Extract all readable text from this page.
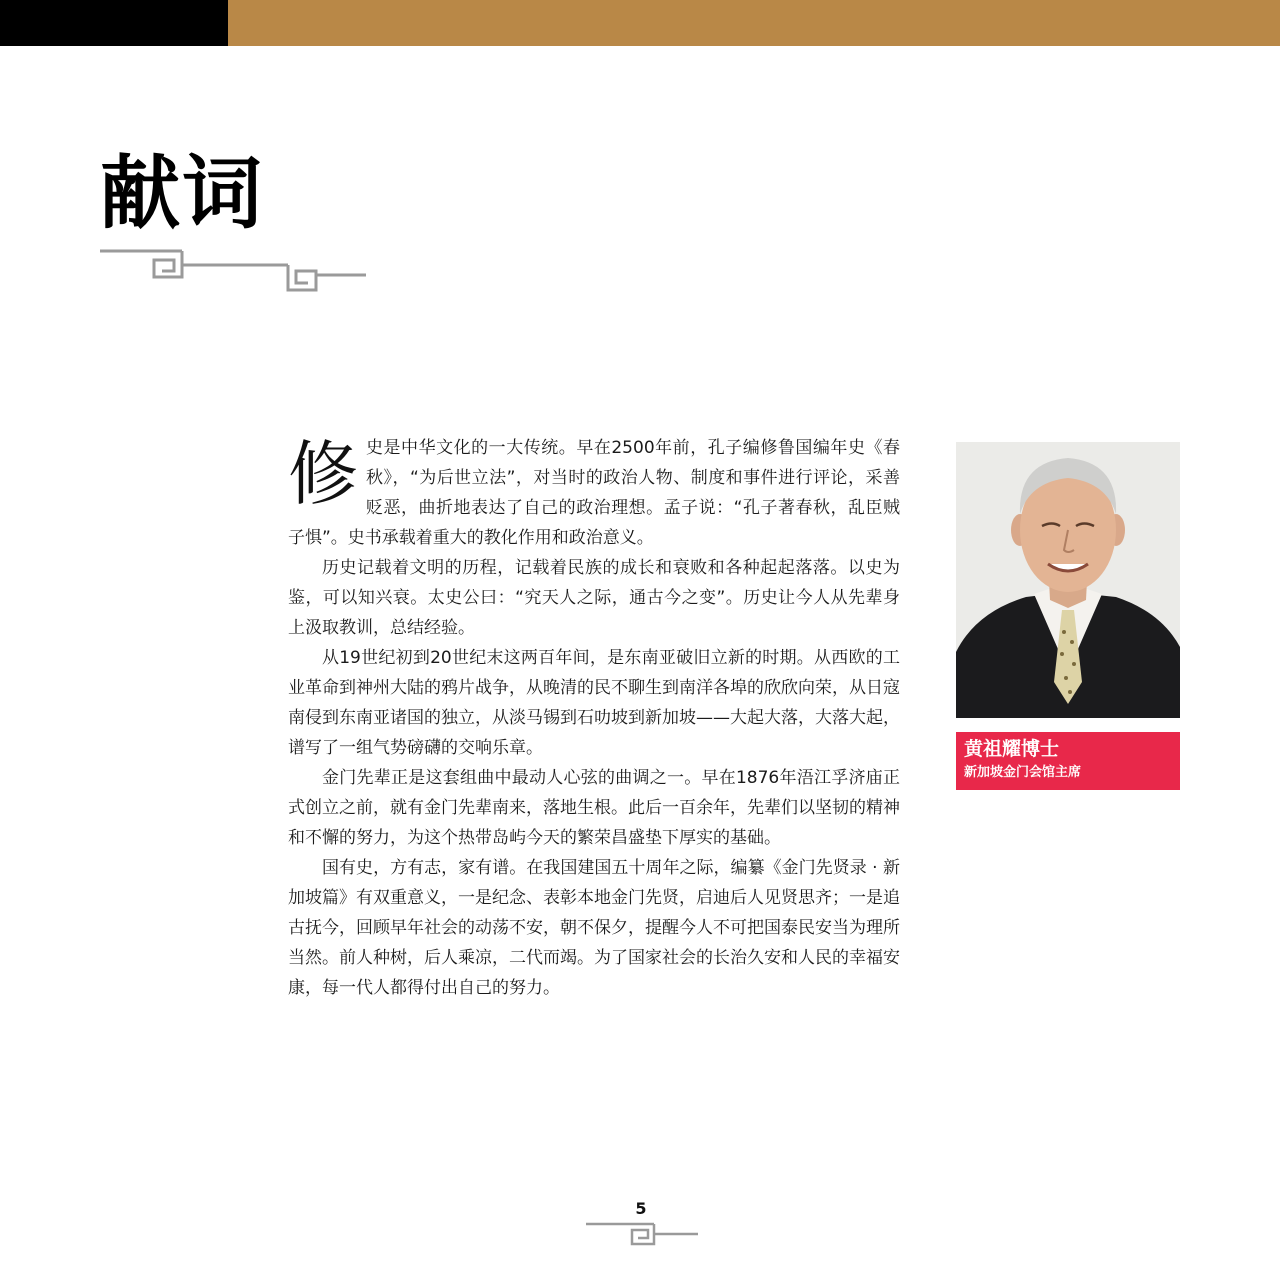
献词

修史是中华文化的一大传统。早在2500年前，孔子编修鲁国编年史《春秋》，“为后世立法”，对当时的政治人物、制度和事件进行评论，采善贬恶，曲折地表达了自己的政治理想。孟子说：“孔子著春秋，乱臣贼子惧”。史书承载着重大的教化作用和政治意义。

历史记载着文明的历程，记载着民族的成长和衰败和各种起起落落。以史为鉴，可以知兴衰。太史公曰：“究天人之际，通古今之变”。历史让今人从先辈身上汲取教训，总结经验。

从19世纪初到20世纪末这两百年间，是东南亚破旧立新的时期。从西欧的工业革命到神州大陆的鸦片战争，从晚清的民不聊生到南洋各埠的欣欣向荣，从日寇南侵到东南亚诸国的独立，从淡马锡到石叻坡到新加坡——大起大落，大落大起，谱写了一组气势磅礴的交响乐章。

金门先辈正是这套组曲中最动人心弦的曲调之一。早在1876年浯江孚济庙正式创立之前，就有金门先辈南来，落地生根。此后一百余年，先辈们以坚韧的精神和不懈的努力，为这个热带岛屿今天的繁荣昌盛垫下厚实的基础。

国有史，方有志，家有谱。在我国建国五十周年之际，编纂《金门先贤录 · 新加坡篇》有双重意义，一是纪念、表彰本地金门先贤，启迪后人见贤思齐；一是追古抚今，回顾早年社会的动荡不安，朝不保夕，提醒今人不可把国泰民安当为理所当然。前人种树，后人乘凉，二代而竭。为了国家社会的长治久安和人民的幸福安康，每一代人都得付出自己的努力。

黄祖耀博士
新加坡金门会馆主席
5
